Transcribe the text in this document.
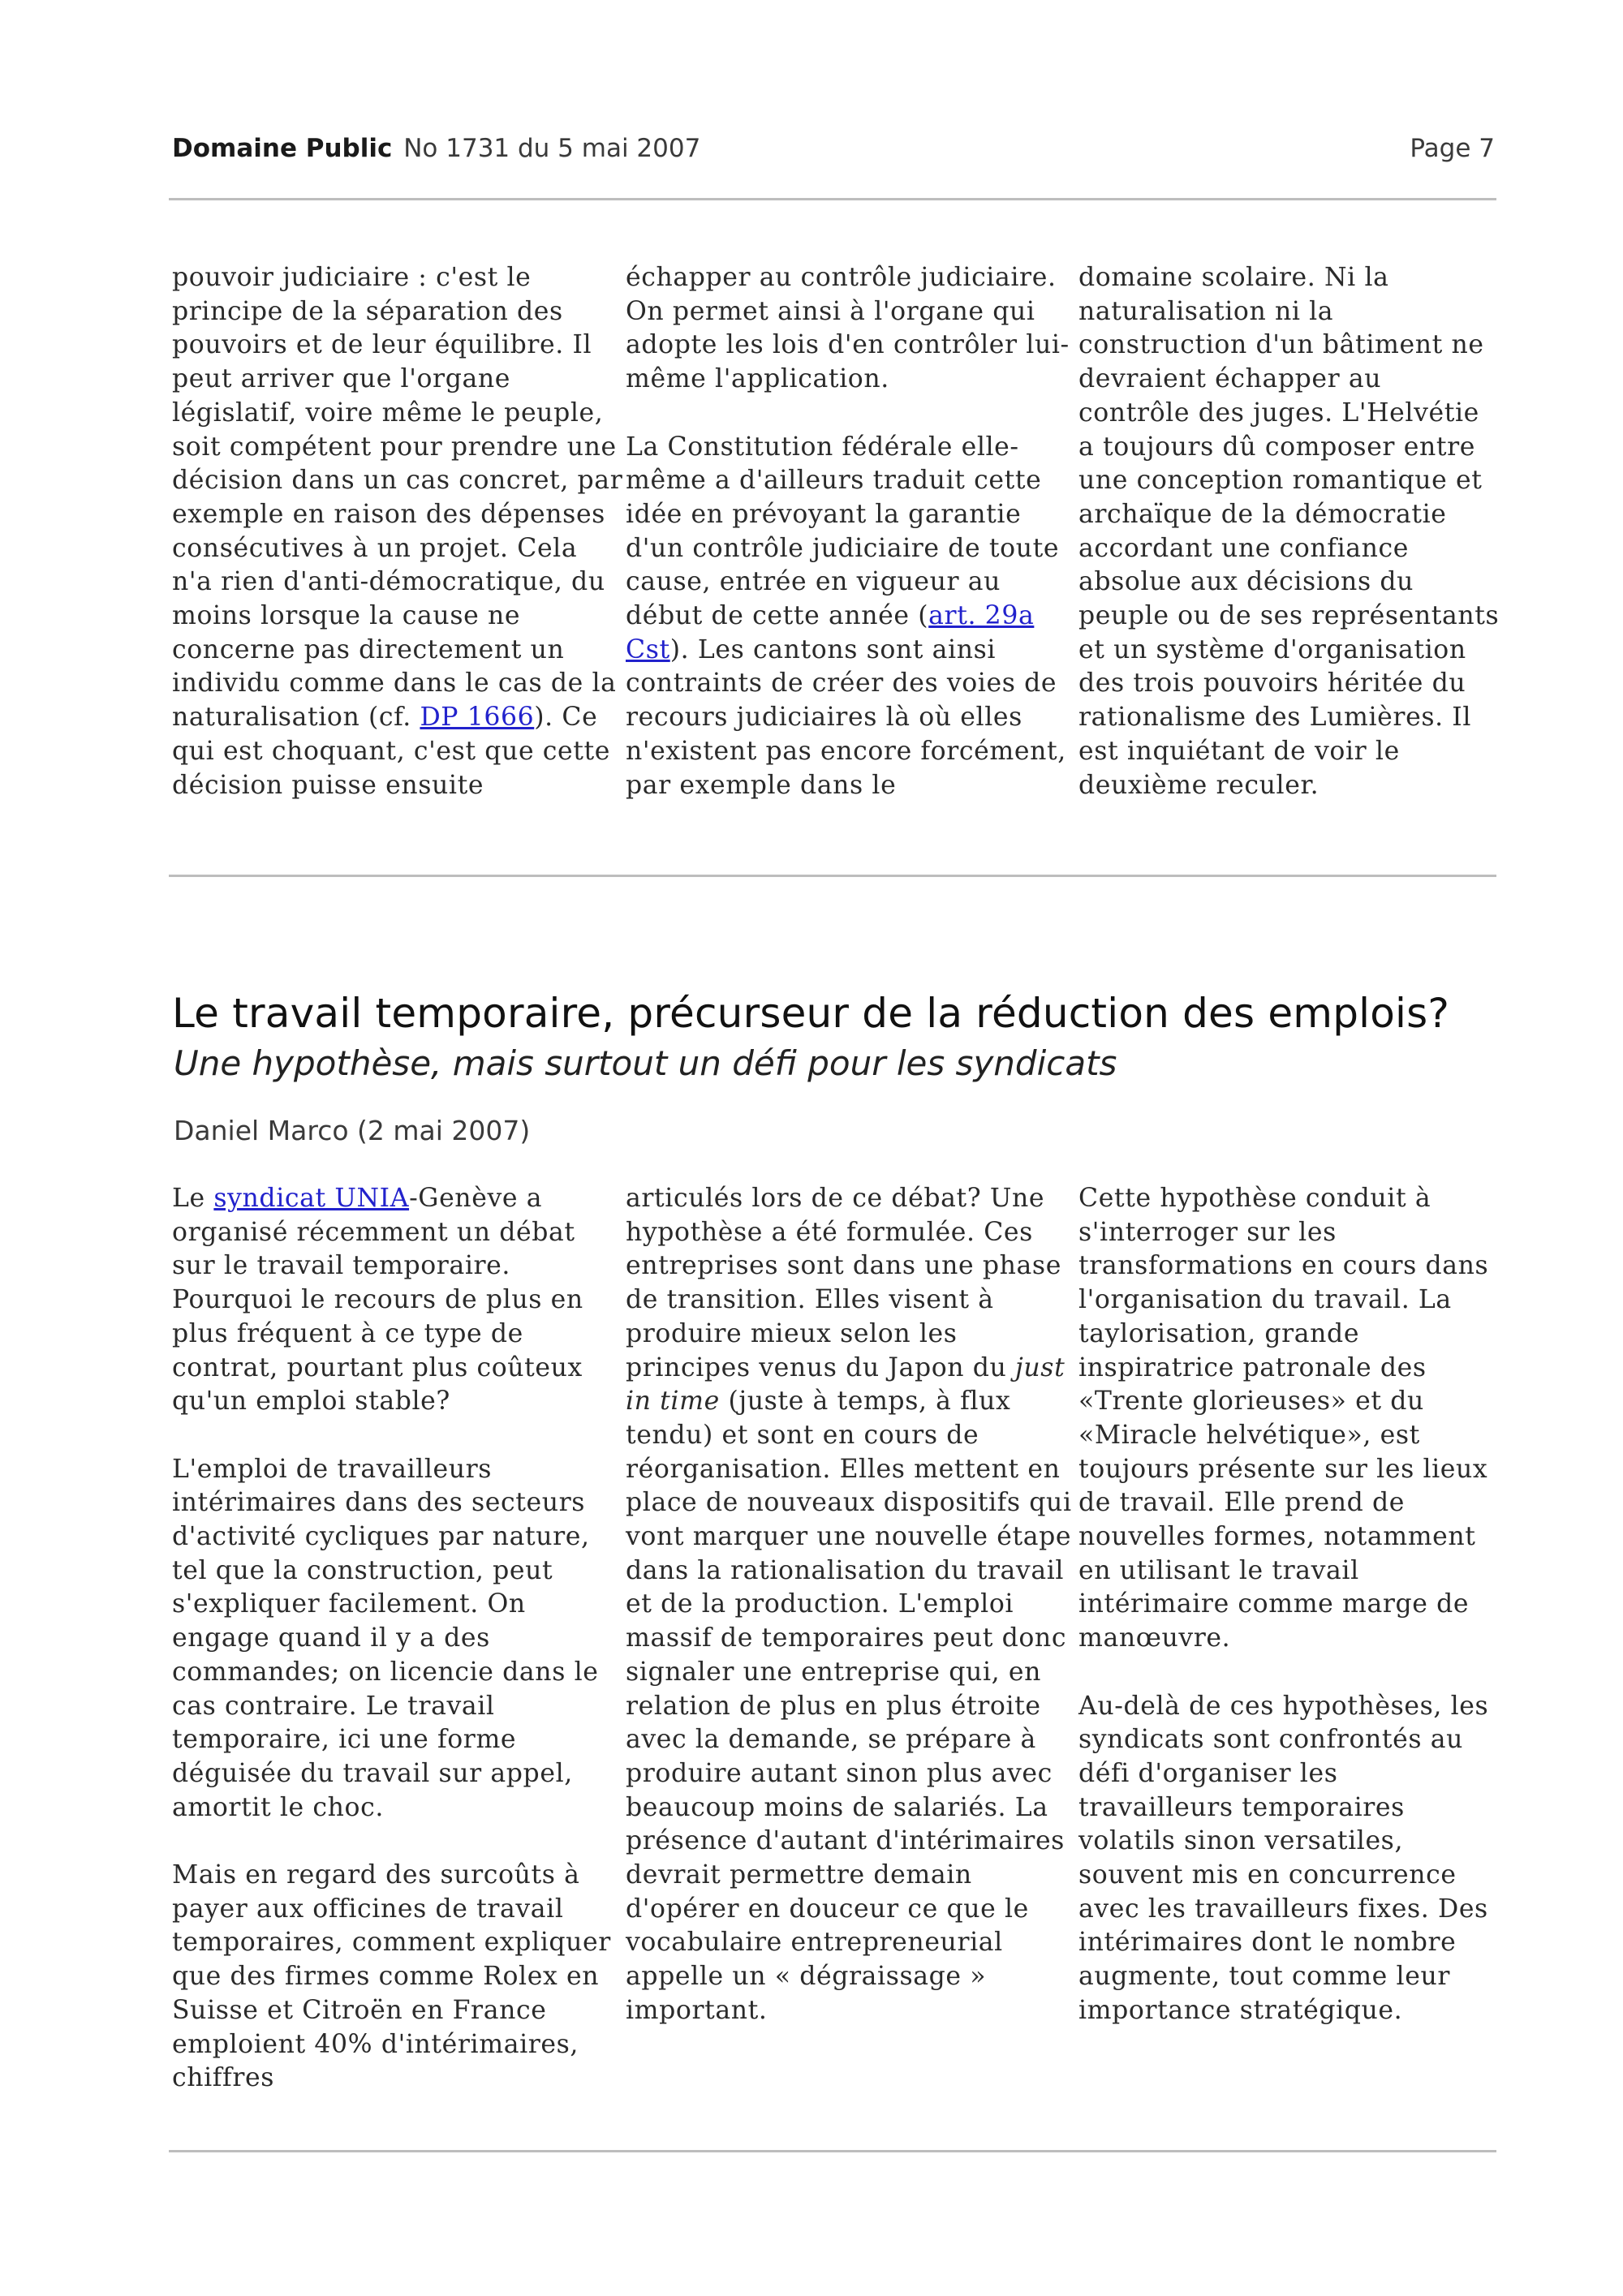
Domaine Public No 1731 du 5 mai 2007	Page 7

pouvoir judiciaire : c'est le principe de la séparation des pouvoirs et de leur équilibre. Il peut arriver que l'organe législatif, voire même le peuple, soit compétent pour prendre une décision dans un cas concret, par exemple en raison des dépenses consécutives à un projet. Cela n'a rien d'anti-démocratique, du moins lorsque la cause ne concerne pas directement un individu comme dans le cas de la naturalisation (cf. DP 1666). Ce qui est choquant, c'est que cette décision puisse ensuite

échapper au contrôle judiciaire. On permet ainsi à l'organe qui adopte les lois d'en contrôler lui-même l'application.

La Constitution fédérale elle-même a d'ailleurs traduit cette idée en prévoyant la garantie d'un contrôle judiciaire de toute cause, entrée en vigueur au début de cette année (art. 29a Cst). Les cantons sont ainsi contraints de créer des voies de recours judiciaires là où elles n'existent pas encore forcément, par exemple dans le

domaine scolaire. Ni la naturalisation ni la construction d'un bâtiment ne devraient échapper au contrôle des juges. L'Helvétie a toujours dû composer entre une conception romantique et archaïque de la démocratie accordant une confiance absolue aux décisions du peuple ou de ses représentants et un système d'organisation des trois pouvoirs héritée du rationalisme des Lumières. Il est inquiétant de voir le deuxième reculer.

Le travail temporaire, précurseur de la réduction des emplois?
Une hypothèse, mais surtout un défi pour les syndicats
Daniel Marco (2 mai 2007)

Le syndicat UNIA-Genève a organisé récemment un débat sur le travail temporaire. Pourquoi le recours de plus en plus fréquent à ce type de contrat, pourtant plus coûteux qu'un emploi stable?

L'emploi de travailleurs intérimaires dans des secteurs d'activité cycliques par nature, tel que la construction, peut s'expliquer facilement. On engage quand il y a des commandes; on licencie dans le cas contraire. Le travail temporaire, ici une forme déguisée du travail sur appel, amortit le choc.

Mais en regard des surcoûts à payer aux officines de travail temporaires, comment expliquer que des firmes comme Rolex en Suisse et Citroën en France emploient 40% d'intérimaires, chiffres

articulés lors de ce débat? Une hypothèse a été formulée. Ces entreprises sont dans une phase de transition. Elles visent à produire mieux selon les principes venus du Japon du just in time (juste à temps, à flux tendu) et sont en cours de réorganisation. Elles mettent en place de nouveaux dispositifs qui vont marquer une nouvelle étape dans la rationalisation du travail et de la production. L'emploi massif de temporaires peut donc signaler une entreprise qui, en relation de plus en plus étroite avec la demande, se prépare à produire autant sinon plus avec beaucoup moins de salariés. La présence d'autant d'intérimaires devrait permettre demain d'opérer en douceur ce que le vocabulaire entrepreneurial appelle un « dégraissage » important.

Cette hypothèse conduit à s'interroger sur les transformations en cours dans l'organisation du travail. La taylorisation, grande inspiratrice patronale des «Trente glorieuses» et du «Miracle helvétique», est toujours présente sur les lieux de travail. Elle prend de nouvelles formes, notamment en utilisant le travail intérimaire comme marge de manœuvre.

Au-delà de ces hypothèses, les syndicats sont confrontés au défi d'organiser les travailleurs temporaires volatils sinon versatiles, souvent mis en concurrence avec les travailleurs fixes. Des intérimaires dont le nombre augmente, tout comme leur importance stratégique.
